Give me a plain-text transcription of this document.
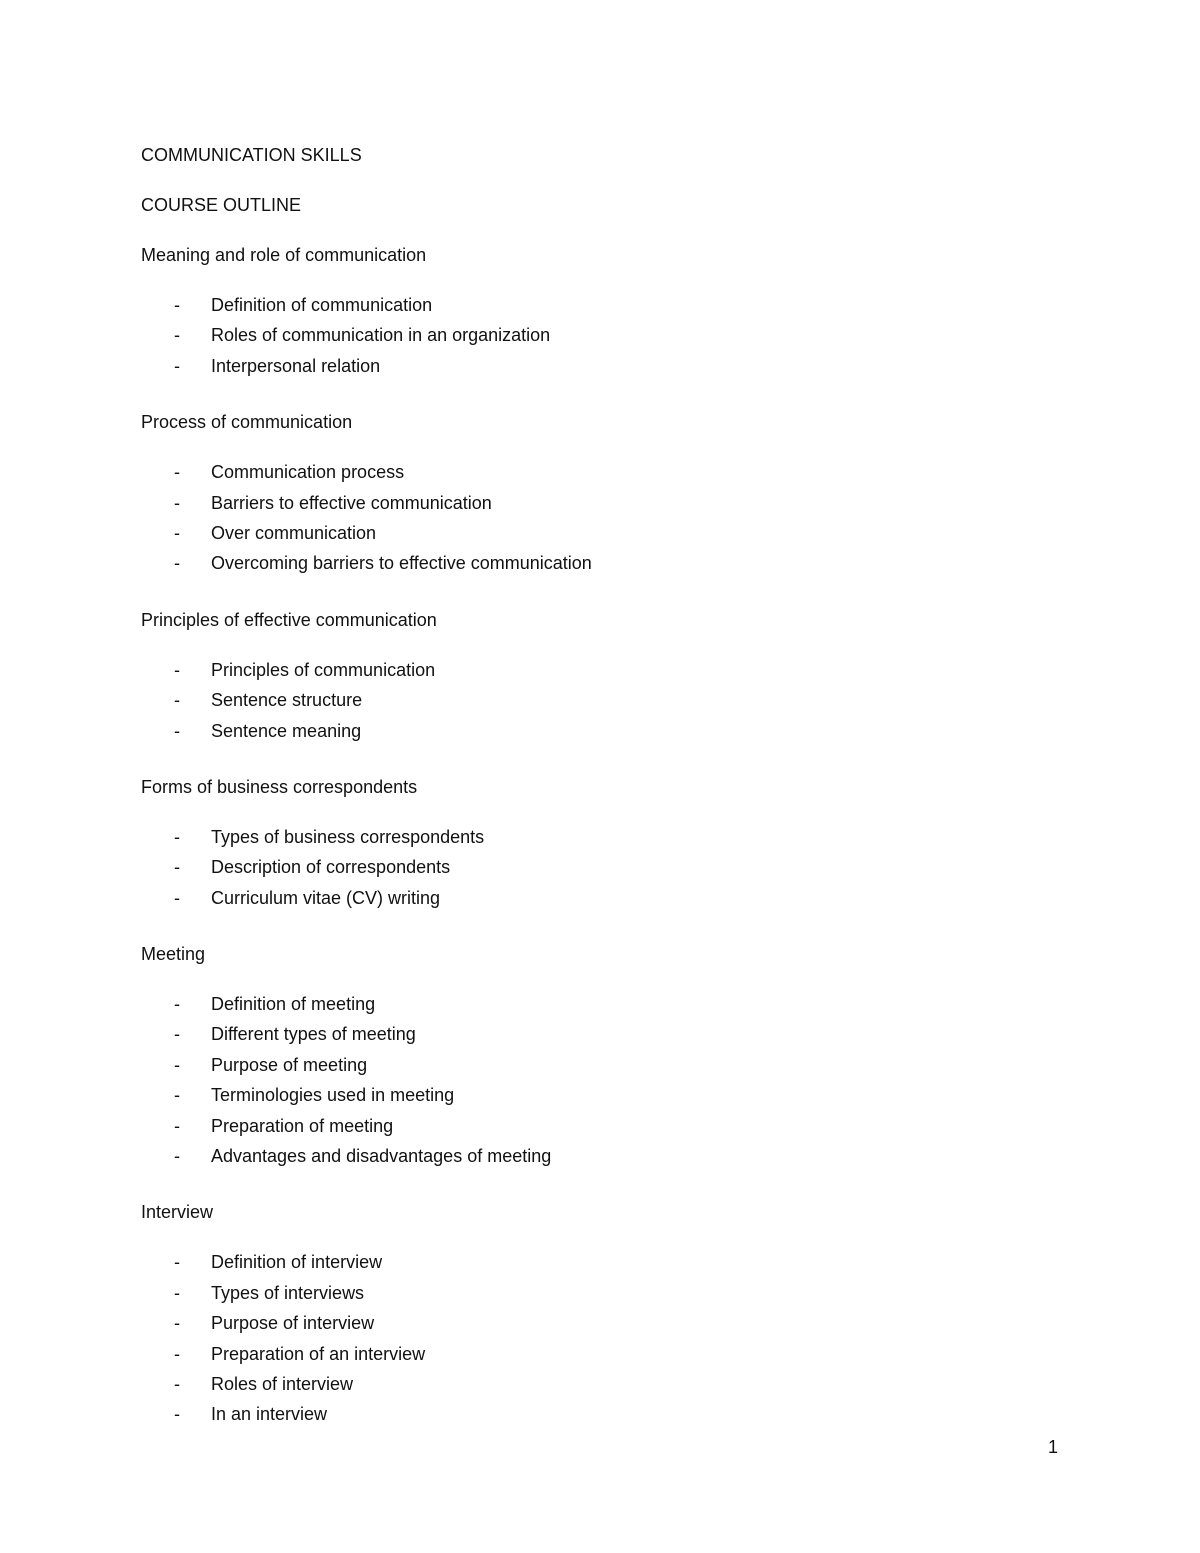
COMMUNICATION SKILLS
COURSE OUTLINE
Meaning and role of communication
- Definition of communication
- Roles of communication in an organization
- Interpersonal relation
Process of communication
- Communication process
- Barriers to effective communication
- Over communication
- Overcoming barriers to effective communication
Principles of effective communication
- Principles of communication
- Sentence structure
- Sentence meaning
Forms of business correspondents
- Types of business correspondents
- Description of correspondents
- Curriculum vitae (CV) writing
Meeting
- Definition of meeting
- Different types of meeting
- Purpose of meeting
- Terminologies used in meeting
- Preparation of meeting
- Advantages and disadvantages of meeting
Interview
- Definition of interview
- Types of interviews
- Purpose of interview
- Preparation of an interview
- Roles of interview
- In an interview
1
